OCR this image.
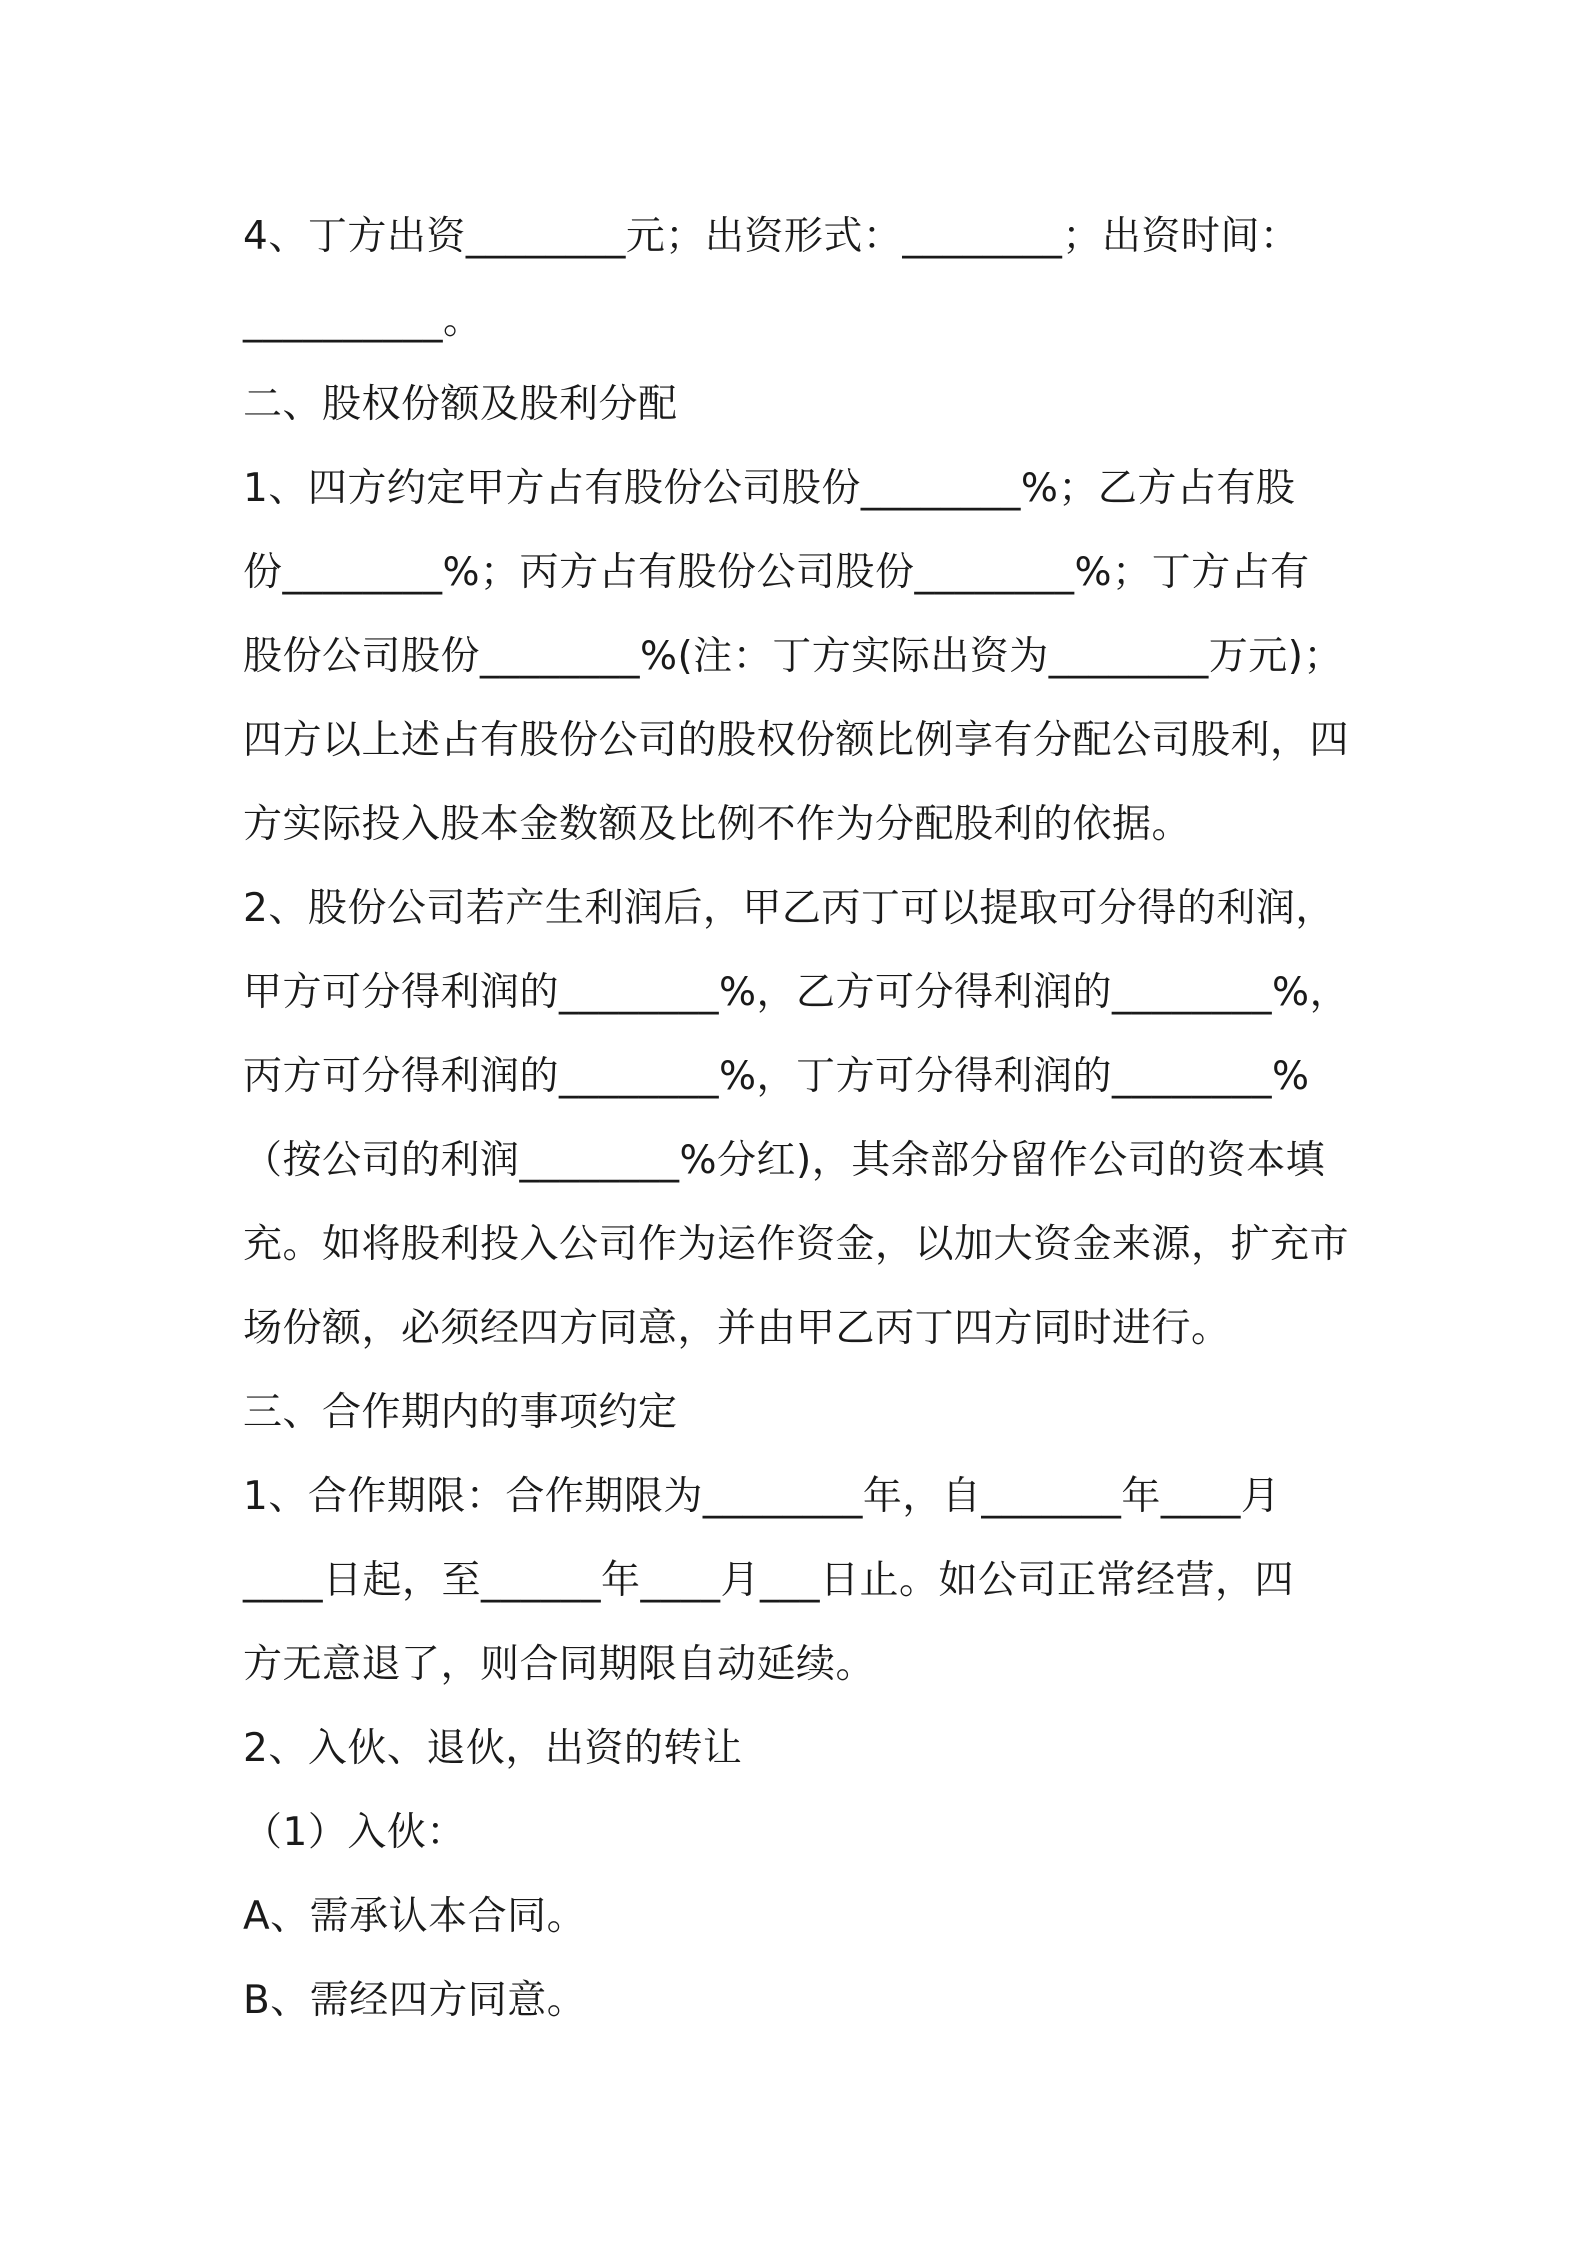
4、丁方出资________元；出资形式：________；出资时间：
__________。
二、股权份额及股利分配
1、四方约定甲方占有股份公司股份________%；乙方占有股
份________%；丙方占有股份公司股份________%；丁方占有
股份公司股份________%(注：丁方实际出资为________万元)；
四方以上述占有股份公司的股权份额比例享有分配公司股利，四
方实际投入股本金数额及比例不作为分配股利的依据。
2、股份公司若产生利润后，甲乙丙丁可以提取可分得的利润，
甲方可分得利润的________%，乙方可分得利润的________%，
丙方可分得利润的________%，丁方可分得利润的________%
（按公司的利润________%分红)，其余部分留作公司的资本填
充。如将股利投入公司作为运作资金，以加大资金来源，扩充市
场份额，必须经四方同意，并由甲乙丙丁四方同时进行。
三、合作期内的事项约定
1、合作期限：合作期限为________年，自_______年____月
____日起，至______年____月___日止。如公司正常经营，四
方无意退了，则合同期限自动延续。
2、入伙、退伙，出资的转让
（1）入伙：
A、需承认本合同。
B、需经四方同意。
